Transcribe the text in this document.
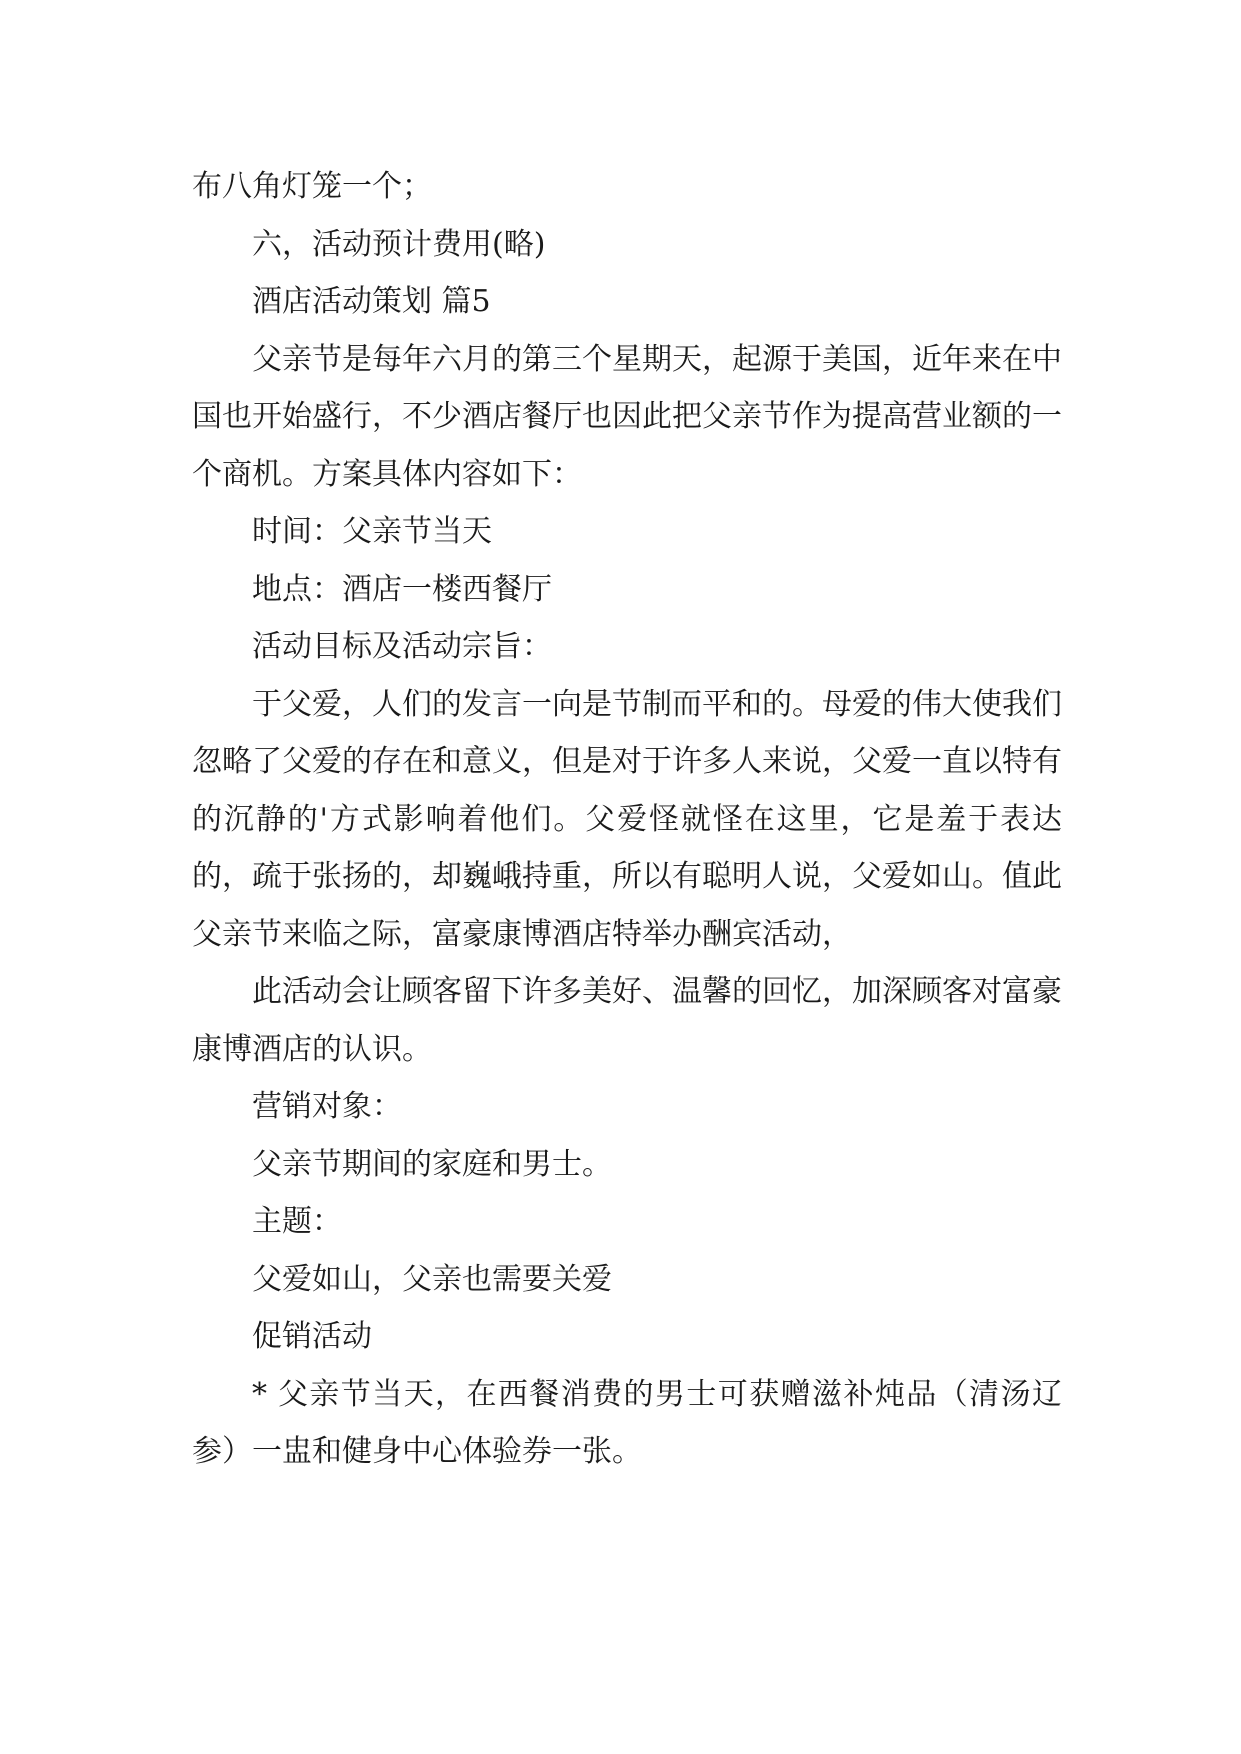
布八角灯笼一个；

六，活动预计费用(略)

酒店活动策划 篇5

父亲节是每年六月的第三个星期天，起源于美国，近年来在中国也开始盛行，不少酒店餐厅也因此把父亲节作为提高营业额的一个商机。方案具体内容如下：

时间：父亲节当天

地点：酒店一楼西餐厅

活动目标及活动宗旨：

于父爱，人们的发言一向是节制而平和的。母爱的伟大使我们忽略了父爱的存在和意义，但是对于许多人来说，父爱一直以特有的沉静的'方式影响着他们。父爱怪就怪在这里，它是羞于表达的，疏于张扬的，却巍峨持重，所以有聪明人说，父爱如山。值此父亲节来临之际，富豪康博酒店特举办酬宾活动，

此活动会让顾客留下许多美好、温馨的回忆，加深顾客对富豪康博酒店的认识。

营销对象：

父亲节期间的家庭和男士。

主题：

父爱如山，父亲也需要关爱

促销活动

* 父亲节当天，在西餐消费的男士可获赠滋补炖品（清汤辽参）一盅和健身中心体验券一张。
